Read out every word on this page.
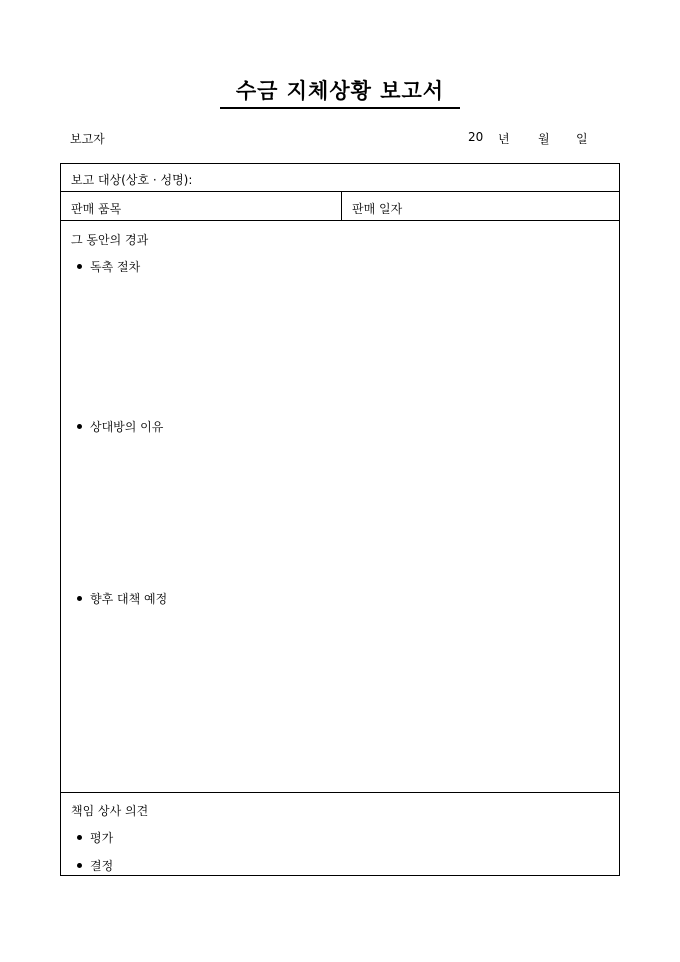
수금 지체상황 보고서
보고자	20 년 월 일
보고 대상(상호 · 성명):
판매 품목	판매 일자
그 동안의 경과
독촉 절차
상대방의 이유
향후 대책 예정
책임 상사 의견
평가
결정
